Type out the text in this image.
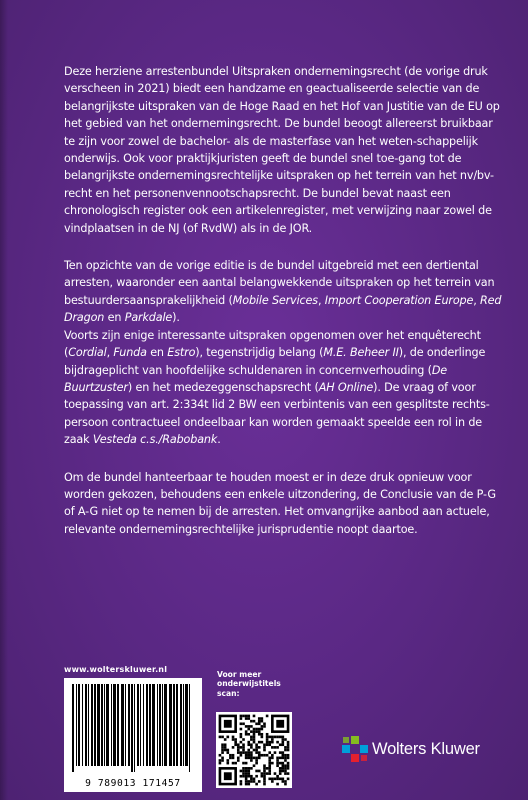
Deze herziene arrestenbundel Uitspraken ondernemingsrecht (de vorige druk verscheen in 2021) biedt een handzame en geactualiseerde selectie van de belangrijkste uitspraken van de Hoge Raad en het Hof van Justitie van de EU op het gebied van het ondernemingsrecht. De bundel beoogt allereerst bruikbaar te zijn voor zowel de bachelor- als de masterfase van het weten-schappelijk onderwijs. Ook voor praktijkjuristen geeft de bundel snel toe-gang tot de belangrijkste ondernemingsrechtelijke uitspraken op het terrein van het nv/bv-recht en het personenvennootschapsrecht. De bundel bevat naast een chronologisch register ook een artikelenregister, met verwijzing naar zowel de vindplaatsen in de NJ (of RvdW) als in de JOR.

Ten opzichte van de vorige editie is de bundel uitgebreid met een dertiental arresten, waaronder een aantal belangwekkende uitspraken op het terrein van bestuurdersaansprakelijkheid (Mobile Services, Import Cooperation Europe, Red Dragon en Parkdale).

Voorts zijn enige interessante uitspraken opgenomen over het enquêterecht (Cordial, Funda en Estro), tegenstrijdig belang (M.E. Beheer II), de onderlinge bijdrageplicht van hoofdelijke schuldenaren in concernverhouding (De Buurtzuster) en het medezeggenschapsrecht (AH Online). De vraag of voor toepassing van art. 2:334t lid 2 BW een verbintenis van een gesplitste rechts-persoon contractueel ondeelbaar kan worden gemaakt speelde een rol in de zaak Vesteda c.s./Rabobank.

Om de bundel hanteerbaar te houden moest er in deze druk opnieuw voor worden gekozen, behoudens een enkele uitzondering, de Conclusie van de P-G of A-G niet op te nemen bij de arresten. Het omvangrijke aanbod aan actuele, relevante ondernemingsrechtelijke jurisprudentie noopt daartoe.

www.wolterskluwer.nl
9 789013 171457
Voor meer
onderwijstitels
scan:
Wolters Kluwer
